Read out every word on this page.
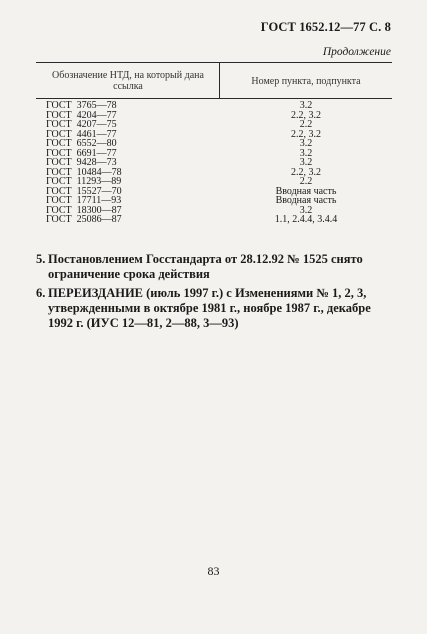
ГОСТ 1652.12—77 С. 8
Продолжение
Обозначение НТД, на который дана ссылка	Номер пункта, подпункта
ГОСТ  3765—78	3.2
ГОСТ  4204—77	2.2, 3.2
ГОСТ  4207—75	2.2
ГОСТ  4461—77	2.2, 3.2
ГОСТ  6552—80	3.2
ГОСТ  6691—77	3.2
ГОСТ  9428—73	3.2
ГОСТ  10484—78	2.2, 3.2
ГОСТ  11293—89	2.2
ГОСТ  15527—70	Вводная часть
ГОСТ  17711—93	Вводная часть
ГОСТ  18300—87	3.2
ГОСТ  25086—87	1.1, 2.4.4, 3.4.4
5. Постановлением Госстандарта от 28.12.92 № 1525 снято ограничение срока действия
6. ПЕРЕИЗДАНИЕ (июль 1997 г.) с Изменениями № 1, 2, 3, утвержденными в октябре 1981 г., ноябре 1987 г., декабре 1992 г. (ИУС 12—81, 2—88, 3—93)
83
